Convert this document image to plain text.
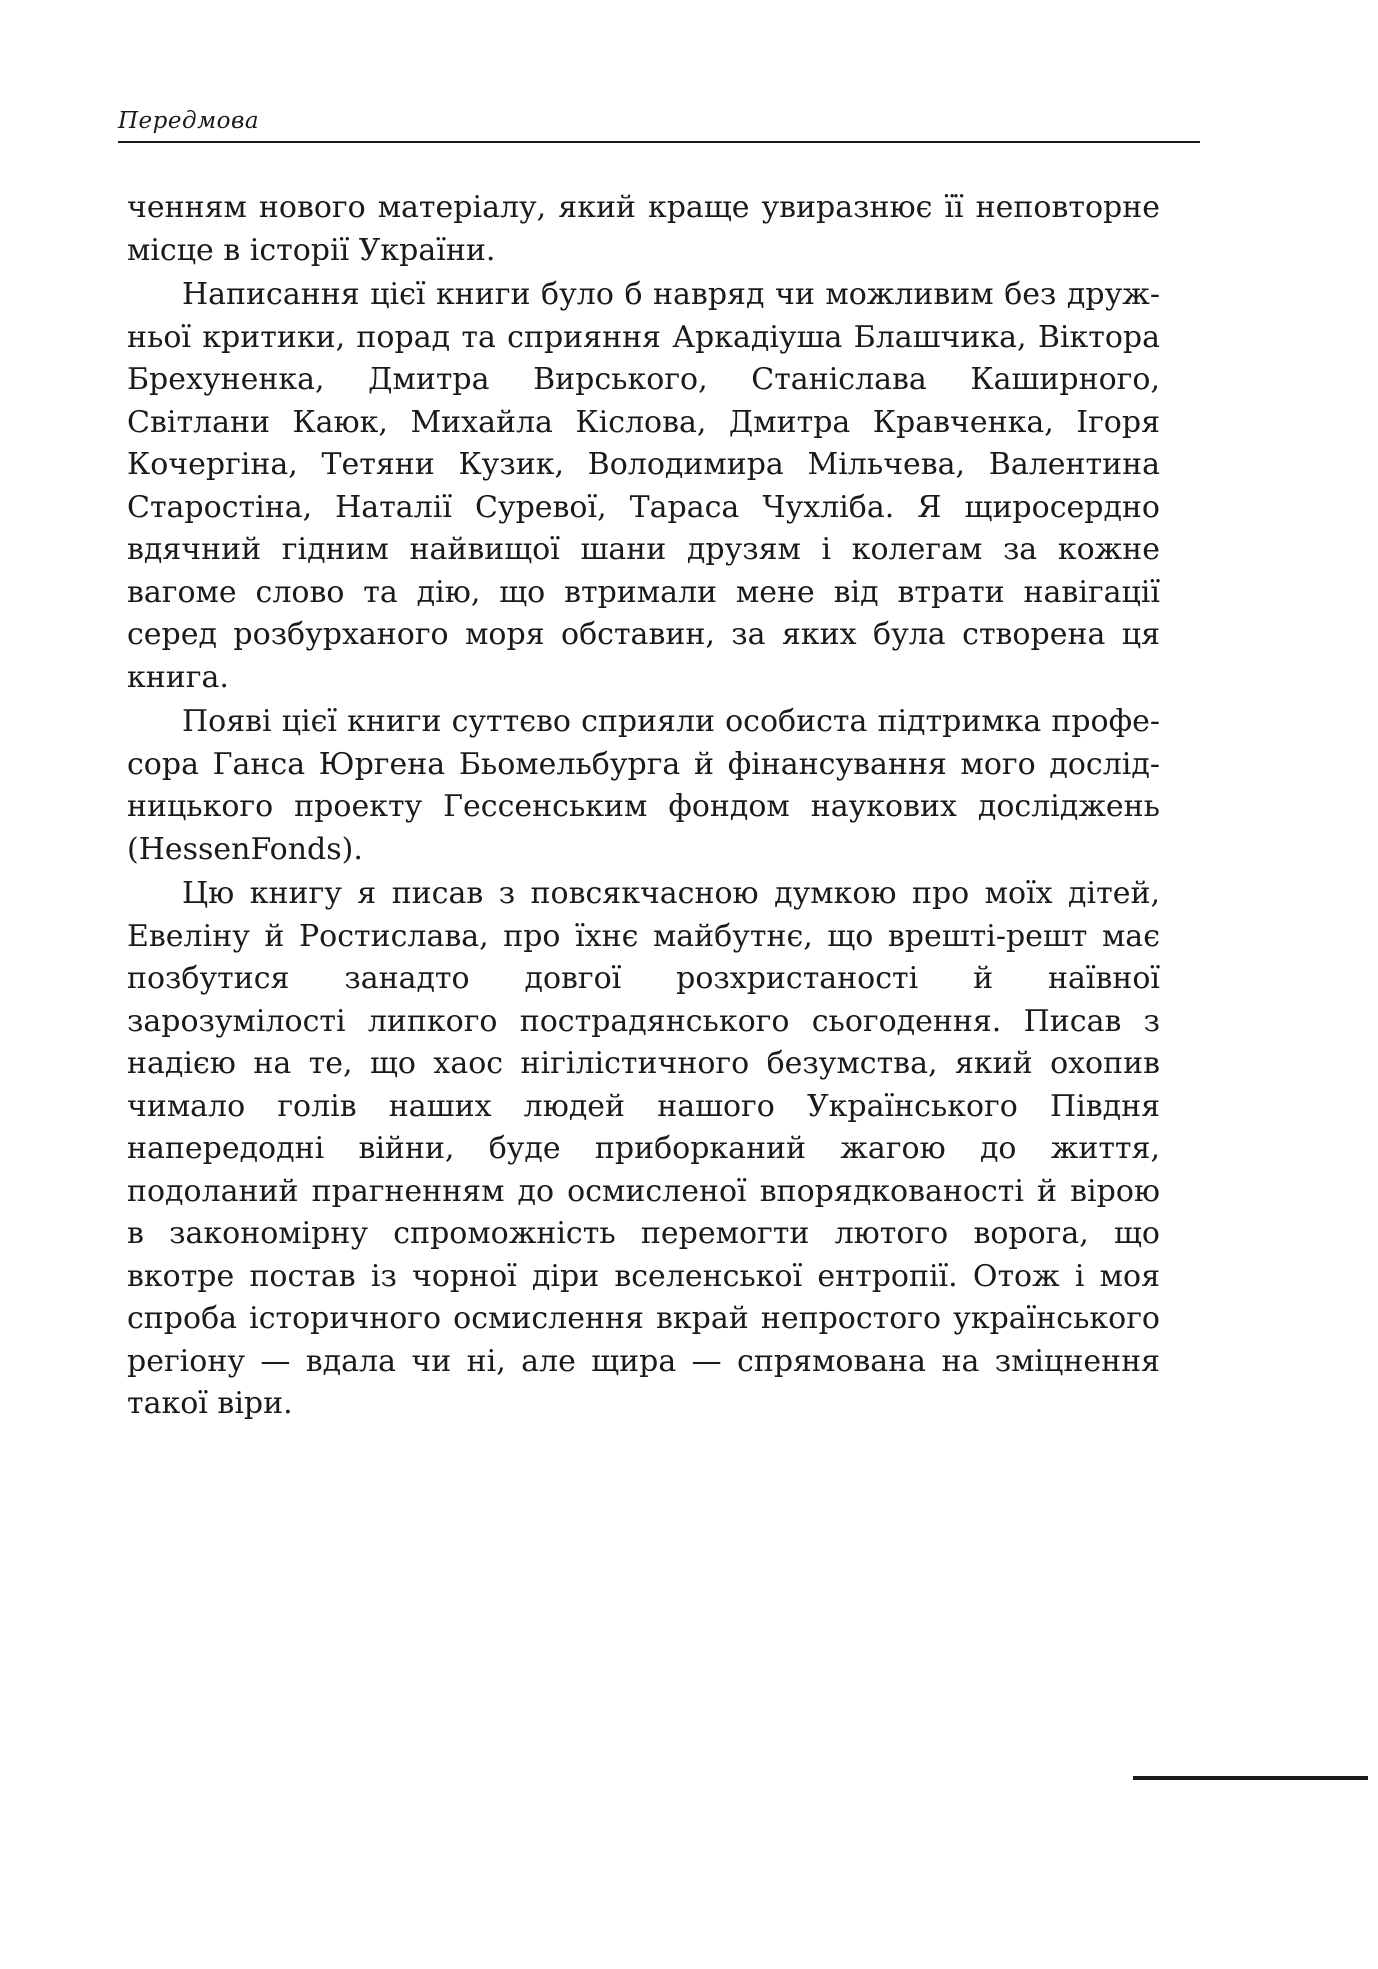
Передмова

ченням нового матеріалу, який краще увиразнює її неповторне місце в історії України.

Написання цієї книги було б навряд чи можливим без дружньої критики, порад та сприяння Аркадіуша Блашчика, Віктора Брехуненка, Дмитра Вирського, Станіслава Каширного, Світлани Каюк, Михайла Кіслова, Дмитра Кравченка, Ігоря Кочергіна, Тетяни Кузик, Володимира Мільчева, Валентина Старостіна, Наталії Суревої, Тараса Чухліба. Я щиросердно вдячний гідним найвищої шани друзям і колегам за кожне вагоме слово та дію, що втримали мене від втрати навігації серед розбурханого моря обставин, за яких була створена ця книга.

Появі цієї книги суттєво сприяли особиста підтримка професора Ганса Юргена Бьомельбурга й фінансування мого дослідницького проекту Гессенським фондом наукових досліджень (HessenFonds).

Цю книгу я писав з повсякчасною думкою про моїх дітей, Евеліну й Ростислава, про їхнє майбутнє, що врешті-решт має позбутися занадто довгої розхристаності й наївної зарозумілості липкого пострадянського сьогодення. Писав з надією на те, що хаос нігілістичного безумства, який охопив чимало голів наших людей нашого Українського Півдня напередодні війни, буде приборканий жагою до життя, подоланий прагненням до осмисленої впорядкованості й вірою в закономірну спроможність перемогти лютого ворога, що вкотре постав із чорної діри вселенської ентропії. Отож і моя спроба історичного осмислення вкрай непростого українського регіону — вдала чи ні, але щира — спрямована на зміцнення такої віри.
